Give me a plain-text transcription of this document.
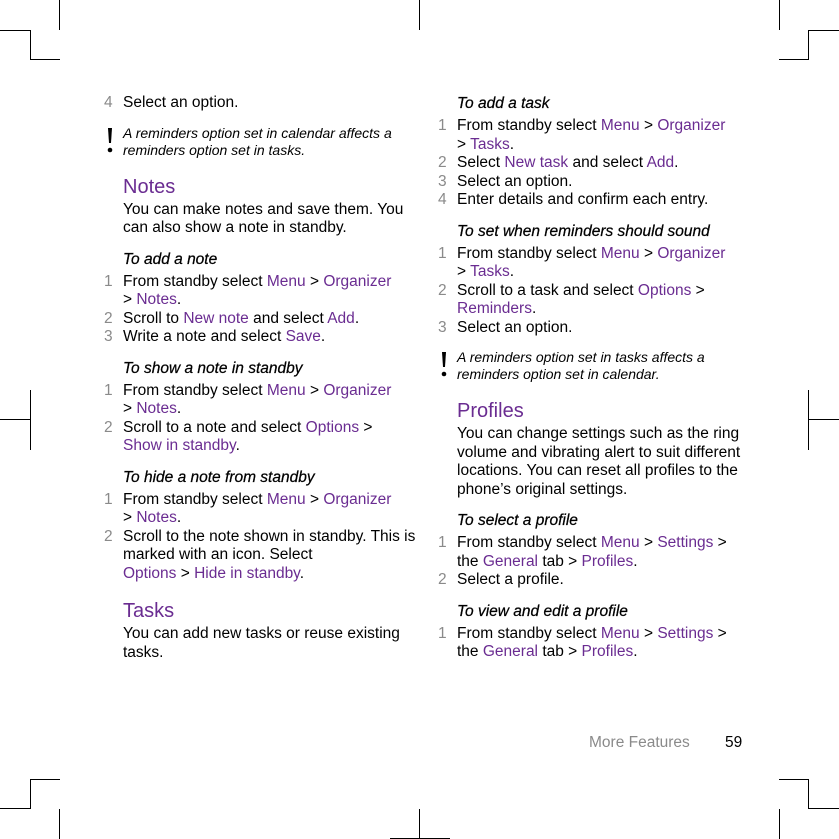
4 Select an option.
A reminders option set in calendar affects a reminders option set in tasks.
Notes

You can make notes and save them. You can also show a note in standby.

To add a note
1 From standby select Menu > Organizer
> Notes.
2 Scroll to New note and select Add.
3 Write a note and select Save.
To show a note in standby
1 From standby select Menu > Organizer
> Notes.
2 Scroll to a note and select Options >
Show in standby.
To hide a note from standby
1 From standby select Menu > Organizer
> Notes.
2 Scroll to the note shown in standby. This is marked with an icon. Select
Options > Hide in standby.
Tasks

You can add new tasks or reuse existing tasks.

To add a task
1 From standby select Menu > Organizer
> Tasks.
2 Select New task and select Add.
3 Select an option.
4 Enter details and confirm each entry.
To set when reminders should sound
1 From standby select Menu > Organizer
> Tasks.
2 Scroll to a task and select Options >
Reminders.
3 Select an option.
A reminders option set in tasks affects a reminders option set in calendar.
Profiles

You can change settings such as the ring volume and vibrating alert to suit different locations. You can reset all profiles to the phone’s original settings.

To select a profile
1 From standby select Menu > Settings > the General tab > Profiles.
2 Select a profile.
To view and edit a profile
1 From standby select Menu > Settings > the General tab > Profiles.
More Features 59
